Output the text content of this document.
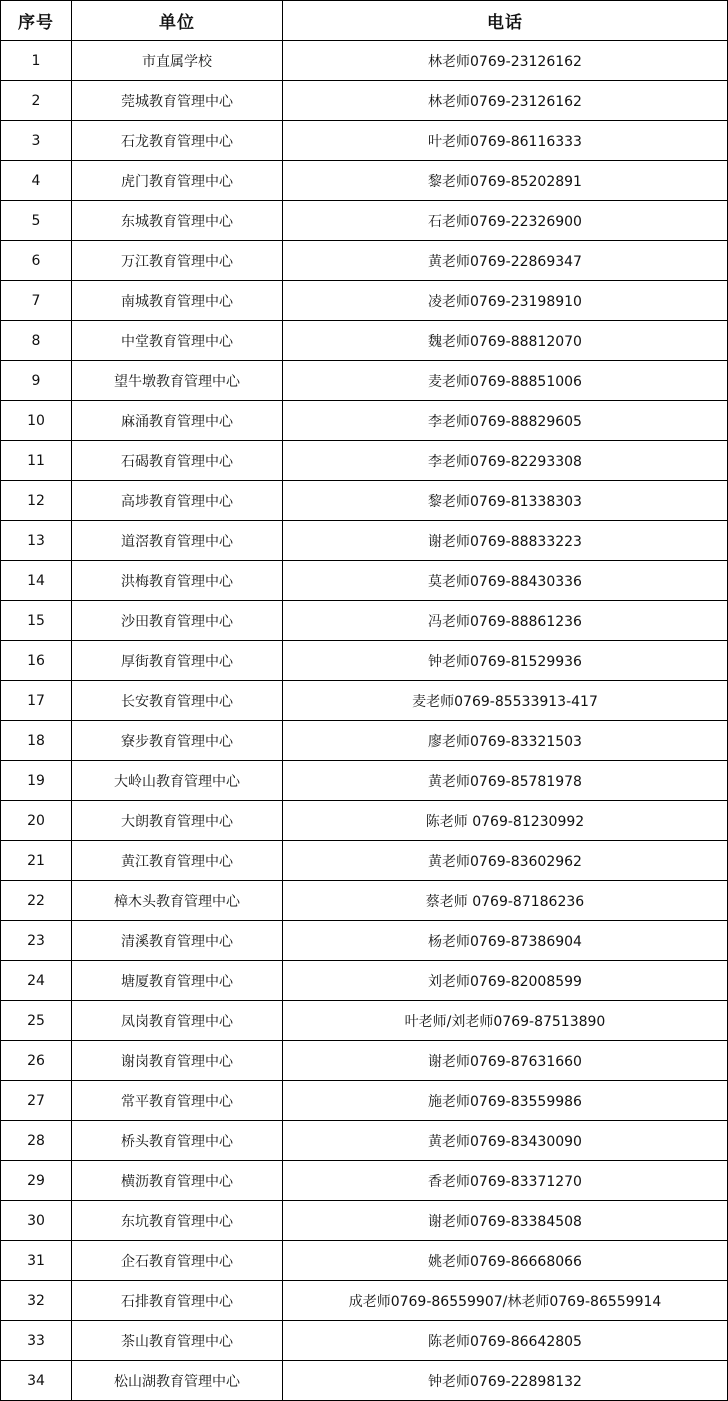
序号	单位	电话
1	市直属学校	林老师0769-23126162
2	莞城教育管理中心	林老师0769-23126162
3	石龙教育管理中心	叶老师0769-86116333
4	虎门教育管理中心	黎老师0769-85202891
5	东城教育管理中心	石老师0769-22326900
6	万江教育管理中心	黄老师0769-22869347
7	南城教育管理中心	凌老师0769-23198910
8	中堂教育管理中心	魏老师0769-88812070
9	望牛墩教育管理中心	麦老师0769-88851006
10	麻涌教育管理中心	李老师0769-88829605
11	石碣教育管理中心	李老师0769-82293308
12	高埗教育管理中心	黎老师0769-81338303
13	道滘教育管理中心	谢老师0769-88833223
14	洪梅教育管理中心	莫老师0769-88430336
15	沙田教育管理中心	冯老师0769-88861236
16	厚街教育管理中心	钟老师0769-81529936
17	长安教育管理中心	麦老师0769-85533913-417
18	寮步教育管理中心	廖老师0769-83321503
19	大岭山教育管理中心	黄老师0769-85781978
20	大朗教育管理中心	陈老师 0769-81230992
21	黄江教育管理中心	黄老师0769-83602962
22	樟木头教育管理中心	蔡老师 0769-87186236
23	清溪教育管理中心	杨老师0769-87386904
24	塘厦教育管理中心	刘老师0769-82008599
25	凤岗教育管理中心	叶老师/刘老师0769-87513890
26	谢岗教育管理中心	谢老师0769-87631660
27	常平教育管理中心	施老师0769-83559986
28	桥头教育管理中心	黄老师0769-83430090
29	横沥教育管理中心	香老师0769-83371270
30	东坑教育管理中心	谢老师0769-83384508
31	企石教育管理中心	姚老师0769-86668066
32	石排教育管理中心	成老师0769-86559907/林老师0769-86559914
33	茶山教育管理中心	陈老师0769-86642805
34	松山湖教育管理中心	钟老师0769-22898132
